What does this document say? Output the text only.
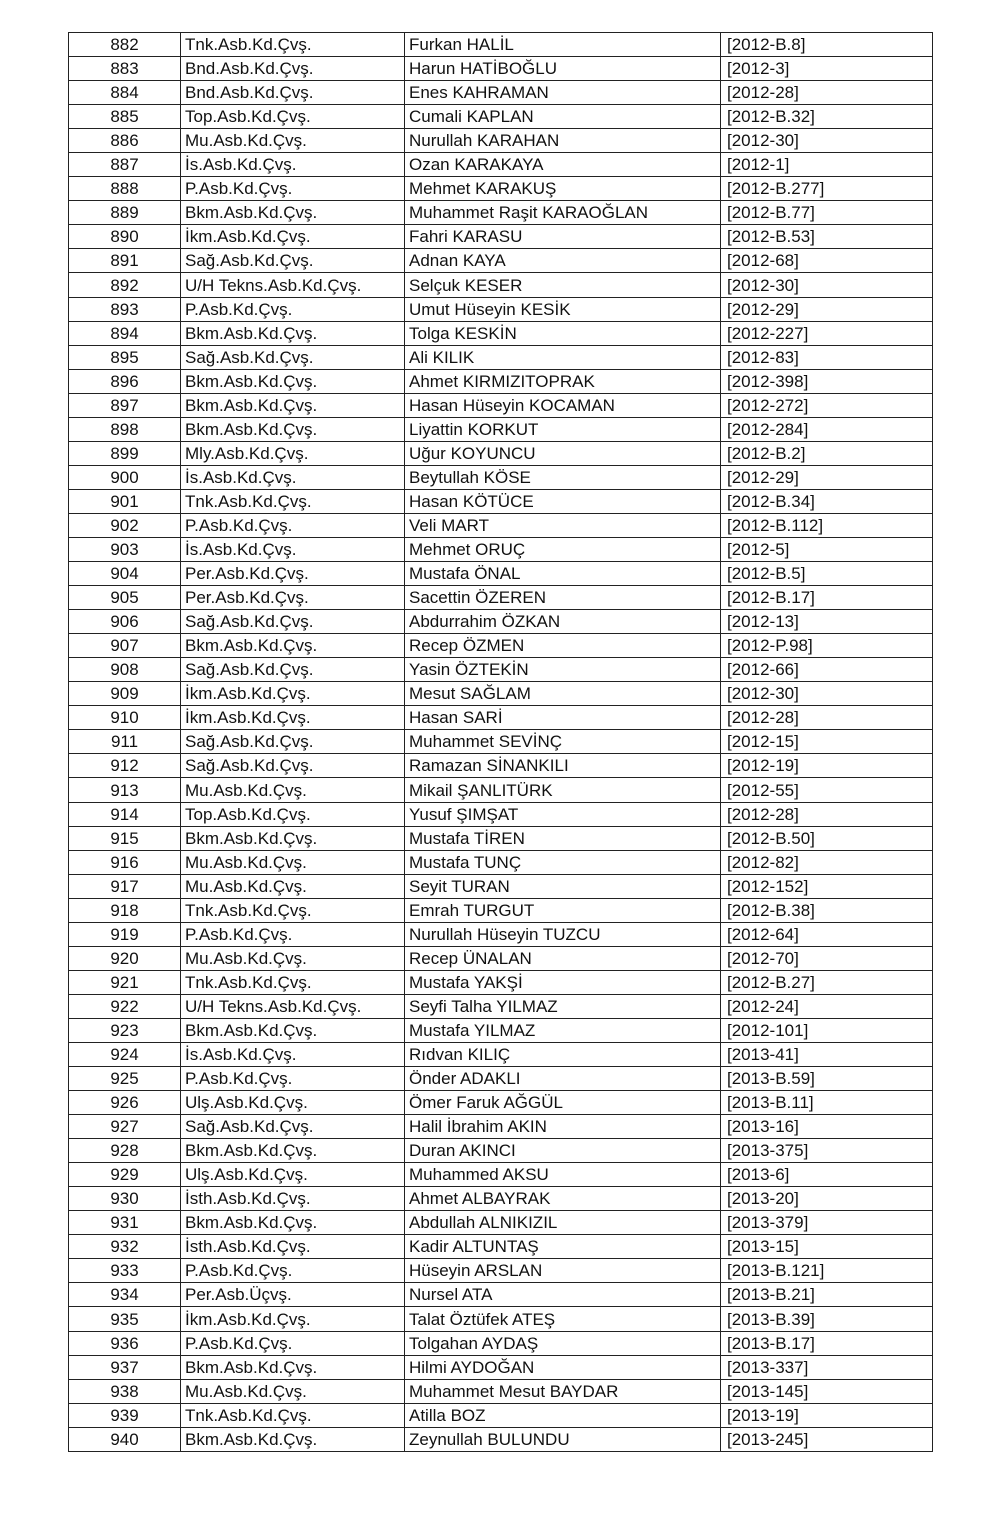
882	Tnk.Asb.Kd.Çvş.	Furkan HALİL	[2012-B.8]
883	Bnd.Asb.Kd.Çvş.	Harun HATİBOĞLU	[2012-3]
884	Bnd.Asb.Kd.Çvş.	Enes KAHRAMAN	[2012-28]
885	Top.Asb.Kd.Çvş.	Cumali KAPLAN	[2012-B.32]
886	Mu.Asb.Kd.Çvş.	Nurullah KARAHAN	[2012-30]
887	İs.Asb.Kd.Çvş.	Ozan KARAKAYA	[2012-1]
888	P.Asb.Kd.Çvş.	Mehmet KARAKUŞ	[2012-B.277]
889	Bkm.Asb.Kd.Çvş.	Muhammet Raşit KARAOĞLAN	[2012-B.77]
890	İkm.Asb.Kd.Çvş.	Fahri KARASU	[2012-B.53]
891	Sağ.Asb.Kd.Çvş.	Adnan KAYA	[2012-68]
892	U/H Tekns.Asb.Kd.Çvş.	Selçuk KESER	[2012-30]
893	P.Asb.Kd.Çvş.	Umut Hüseyin KESİK	[2012-29]
894	Bkm.Asb.Kd.Çvş.	Tolga KESKİN	[2012-227]
895	Sağ.Asb.Kd.Çvş.	Ali KILIK	[2012-83]
896	Bkm.Asb.Kd.Çvş.	Ahmet KIRMIZITOPRAK	[2012-398]
897	Bkm.Asb.Kd.Çvş.	Hasan Hüseyin KOCAMAN	[2012-272]
898	Bkm.Asb.Kd.Çvş.	Liyattin KORKUT	[2012-284]
899	Mly.Asb.Kd.Çvş.	Uğur KOYUNCU	[2012-B.2]
900	İs.Asb.Kd.Çvş.	Beytullah KÖSE	[2012-29]
901	Tnk.Asb.Kd.Çvş.	Hasan KÖTÜCE	[2012-B.34]
902	P.Asb.Kd.Çvş.	Veli MART	[2012-B.112]
903	İs.Asb.Kd.Çvş.	Mehmet ORUÇ	[2012-5]
904	Per.Asb.Kd.Çvş.	Mustafa ÖNAL	[2012-B.5]
905	Per.Asb.Kd.Çvş.	Sacettin ÖZEREN	[2012-B.17]
906	Sağ.Asb.Kd.Çvş.	Abdurrahim ÖZKAN	[2012-13]
907	Bkm.Asb.Kd.Çvş.	Recep ÖZMEN	[2012-P.98]
908	Sağ.Asb.Kd.Çvş.	Yasin ÖZTEKİN	[2012-66]
909	İkm.Asb.Kd.Çvş.	Mesut SAĞLAM	[2012-30]
910	İkm.Asb.Kd.Çvş.	Hasan SARİ	[2012-28]
911	Sağ.Asb.Kd.Çvş.	Muhammet SEVİNÇ	[2012-15]
912	Sağ.Asb.Kd.Çvş.	Ramazan SİNANKILI	[2012-19]
913	Mu.Asb.Kd.Çvş.	Mikail ŞANLITÜRK	[2012-55]
914	Top.Asb.Kd.Çvş.	Yusuf ŞIMŞAT	[2012-28]
915	Bkm.Asb.Kd.Çvş.	Mustafa TİREN	[2012-B.50]
916	Mu.Asb.Kd.Çvş.	Mustafa TUNÇ	[2012-82]
917	Mu.Asb.Kd.Çvş.	Seyit TURAN	[2012-152]
918	Tnk.Asb.Kd.Çvş.	Emrah TURGUT	[2012-B.38]
919	P.Asb.Kd.Çvş.	Nurullah Hüseyin TUZCU	[2012-64]
920	Mu.Asb.Kd.Çvş.	Recep ÜNALAN	[2012-70]
921	Tnk.Asb.Kd.Çvş.	Mustafa YAKŞİ	[2012-B.27]
922	U/H Tekns.Asb.Kd.Çvş.	Seyfi Talha YILMAZ	[2012-24]
923	Bkm.Asb.Kd.Çvş.	Mustafa YILMAZ	[2012-101]
924	İs.Asb.Kd.Çvş.	Rıdvan KILIÇ	[2013-41]
925	P.Asb.Kd.Çvş.	Önder ADAKLI	[2013-B.59]
926	Ulş.Asb.Kd.Çvş.	Ömer Faruk AĞGÜL	[2013-B.11]
927	Sağ.Asb.Kd.Çvş.	Halil İbrahim AKIN	[2013-16]
928	Bkm.Asb.Kd.Çvş.	Duran AKINCI	[2013-375]
929	Ulş.Asb.Kd.Çvş.	Muhammed AKSU	[2013-6]
930	İsth.Asb.Kd.Çvş.	Ahmet ALBAYRAK	[2013-20]
931	Bkm.Asb.Kd.Çvş.	Abdullah ALNIKIZIL	[2013-379]
932	İsth.Asb.Kd.Çvş.	Kadir ALTUNTAŞ	[2013-15]
933	P.Asb.Kd.Çvş.	Hüseyin ARSLAN	[2013-B.121]
934	Per.Asb.Üçvş.	Nursel ATA	[2013-B.21]
935	İkm.Asb.Kd.Çvş.	Talat Öztüfek ATEŞ	[2013-B.39]
936	P.Asb.Kd.Çvş.	Tolgahan AYDAŞ	[2013-B.17]
937	Bkm.Asb.Kd.Çvş.	Hilmi AYDOĞAN	[2013-337]
938	Mu.Asb.Kd.Çvş.	Muhammet Mesut BAYDAR	[2013-145]
939	Tnk.Asb.Kd.Çvş.	Atilla BOZ	[2013-19]
940	Bkm.Asb.Kd.Çvş.	Zeynullah BULUNDU	[2013-245]
